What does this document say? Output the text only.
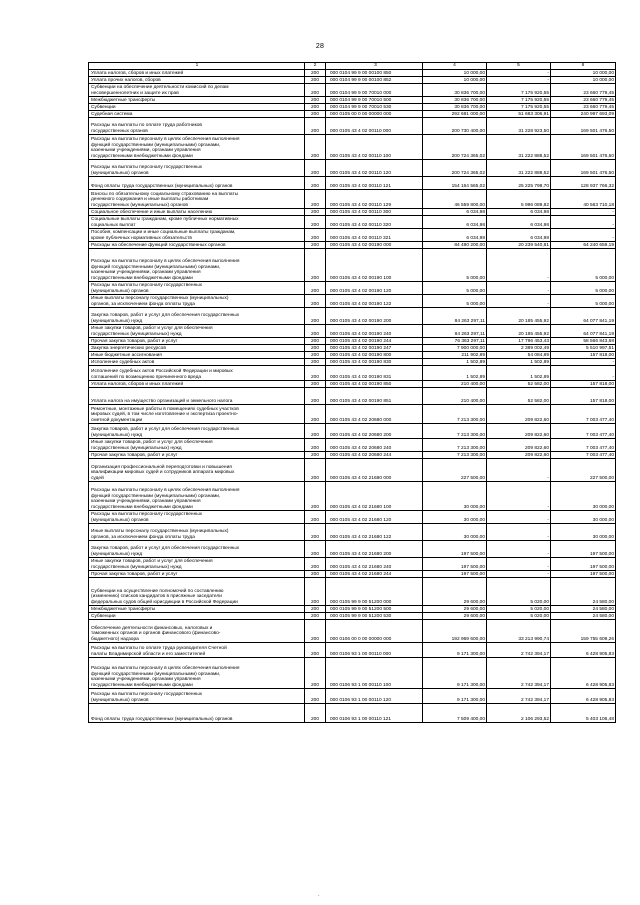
28
1	2	3	4	5	6
Уплата налогов, сборов и иных платежей	200	000 0104 99 9 00 00100 850	10 000,00	-	10 000,00
Уплата прочих налогов, сборов	200	000 0104 99 9 00 00100 852	10 000,00	-	10 000,00
Субвенции на обеспечение деятельности комиссий по делам
несовершеннолетних и защите их прав	200	000 0104 99 9 00 70010 000	30 836 700,00	7 175 920,55	23 660 779,45
Межбюджетные трансферты	200	000 0104 99 9 00 70010 500	30 836 700,00	7 175 920,55	23 660 779,45
Субвенции	200	000 0104 99 9 00 70010 530	30 836 700,00	7 175 920,55	23 660 779,45
Судебная система	200	000 0105 00 0 00 00000 000	292 681 000,00	51 683 306,91	240 997 693,09
Расходы на выплаты по оплате труда работников
государственных органов	200	000 0105 43 4 02 00110 000	200 730 400,00	31 228 923,50	169 501 476,50
Расходы на выплаты персоналу в целях обеспечения выполнения
функций государственными (муниципальными) органами,
казенными учреждениями, органами управления
государственными внебюджетными фондами	200	000 0105 43 4 02 00110 100	200 724 365,02	31 222 888,52	169 501 476,50
Расходы на выплаты персоналу государственных
(муниципальных) органов	200	000 0105 43 4 02 00110 120	200 724 365,02	31 222 888,52	169 501 476,50
Фонд оплаты труда государственных (муниципальных) органов	200	000 0105 43 4 02 00110 121	154 164 565,02	25 225 798,70	128 937 766,32
Взносы по обязательному социальному страхованию на выплаты
денежного содержания и иные выплаты работникам
государственных (муниципальных) органов	200	000 0105 43 4 02 00110 129	46 559 800,00	5 996 089,82	40 563 710,18
Социальное обеспечение и иные выплаты населению	200	000 0105 43 4 02 00110 300	6 034,98	6 034,98	-
Социальные выплаты гражданам, кроме публичных нормативных
социальных выплат	200	000 0105 43 4 02 00110 320	6 034,98	6 034,98	-
Пособия, компенсации и иные социальные выплаты гражданам,
кроме публичных нормативных обязательств	200	000 0105 43 4 02 00110 321	6 034,98	6 034,98	-
Расходы на обеспечение функций государственных органов	200	000 0105 43 4 02 00190 000	84 480 200,00	20 239 540,81	64 240 659,19
Расходы на выплаты персоналу в целях обеспечения выполнения
функций государственными (муниципальными) органами,
казенными учреждениями, органами управления
государственными внебюджетными фондами	200	000 0105 43 4 02 00190 100	5 000,00	-	5 000,00
Расходы на выплаты персоналу государственных
(муниципальных) органов	200	000 0105 43 4 02 00190 120	5 000,00	-	5 000,00
Иные выплаты персоналу государственных (муниципальных)
органов, за исключением фонда оплаты труда	200	000 0105 43 4 02 00190 122	5 000,00	-	5 000,00
Закупка товаров, работ и услуг для обеспечения государственных
(муниципальных) нужд	200	000 0105 43 4 02 00190 200	84 263 297,11	20 185 455,92	64 077 841,19
Иные закупки товаров, работ и услуг для обеспечения
государственных (муниципальных) нужд	200	000 0105 43 4 02 00190 240	84 263 297,11	20 185 455,92	64 077 841,19
Прочая закупка товаров, работ и услуг	200	000 0105 43 4 02 00190 244	76 363 297,11	17 796 453,43	58 566 843,68
Закупка энергетических ресурсов	200	000 0105 43 4 02 00190 247	7 900 000,00	2 389 002,49	5 510 997,51
Иные бюджетные ассигнования	200	000 0105 43 4 02 00190 800	211 902,89	54 084,89	157 818,00
Исполнение судебных актов	200	000 0105 43 4 02 00190 830	1 502,89	1 502,89	-
Исполнение судебных актов Российской Федерации и мировых
соглашений по возмещению причиненного вреда	200	000 0105 43 4 02 00190 831	1 502,89	1 502,89	-
Уплата налогов, сборов и иных платежей	200	000 0105 43 4 02 00190 850	210 400,00	52 582,00	157 818,00
Уплата налога на имущество организаций и земельного налога	200	000 0105 43 4 02 00190 851	210 400,00	52 582,00	157 818,00
Ремонтные, монтажные работы в помещениях судебных участков
мировых судей, в том числе изготовление и экспертиза проектно-
сметной документации	200	000 0105 43 4 02 20680 000	7 213 300,00	209 822,60	7 003 477,40
Закупка товаров, работ и услуг для обеспечения государственных
(муниципальных) нужд	200	000 0105 43 4 02 20680 200	7 213 300,00	209 822,60	7 003 477,40
Иные закупки товаров, работ и услуг для обеспечения
государственных (муниципальных) нужд	200	000 0105 43 4 02 20680 240	7 213 300,00	209 822,60	7 003 477,40
Прочая закупка товаров, работ и услуг	200	000 0105 43 4 02 20680 244	7 213 300,00	209 822,60	7 003 477,40
Организация профессиональной переподготовки и повышения
квалификации мировых судей и сотрудников аппарата мировых
судей	200	000 0105 43 4 02 21680 000	227 500,00	-	227 500,00
Расходы на выплаты персоналу в целях обеспечения выполнения
функций государственными (муниципальными) органами,
казенными учреждениями, органами управления
государственными внебюджетными фондами	200	000 0105 43 4 02 21680 100	30 000,00	-	30 000,00
Расходы на выплаты персоналу государственных
(муниципальных) органов	200	000 0105 43 4 02 21680 120	30 000,00	-	30 000,00
Иные выплаты персоналу государственных (муниципальных)
органов, за исключением фонда оплаты труда	200	000 0105 43 4 02 21680 122	30 000,00	-	30 000,00
Закупка товаров, работ и услуг для обеспечения государственных
(муниципальных) нужд	200	000 0105 43 4 02 21680 200	197 500,00	-	197 500,00
Иные закупки товаров, работ и услуг для обеспечения
государственных (муниципальных) нужд	200	000 0105 43 4 02 21680 240	197 500,00	-	197 500,00
Прочая закупка товаров, работ и услуг	200	000 0105 43 4 02 21680 244	197 500,00	-	197 500,00
Субвенции на осуществление полномочий по составлению
(изменению) списков кандидатов в присяжные заседатели
федеральных судов общей юрисдикции в Российской Федерации	200	000 0105 99 9 00 51200 000	29 600,00	5 020,00	24 580,00
Межбюджетные трансферты	200	000 0105 99 9 00 51200 500	29 600,00	5 020,00	24 580,00
Субвенции	200	000 0105 99 9 00 51200 530	29 600,00	5 020,00	24 580,00
Обеспечение деятельности финансовых, налоговых и
таможенных органов и органов финансового (финансово-
бюджетного) надзора	200	000 0106 00 0 00 00000 000	192 969 600,00	33 213 990,74	159 755 609,26
Расходы на выплаты по оплате труда руководителя Счетной
палаты Владимирской области и его заместителей	200	000 0106 93 1 00 00110 000	9 171 300,00	2 742 394,17	6 428 905,83
Расходы на выплаты персоналу в целях обеспечения выполнения
функций государственными (муниципальными) органами,
казенными учреждениями, органами управления
государственными внебюджетными фондами	200	000 0106 93 1 00 00110 100	9 171 300,00	2 742 394,17	6 428 905,83
Расходы на выплаты персоналу государственных
(муниципальных) органов	200	000 0106 93 1 00 00110 120	9 171 300,00	2 742 394,17	6 428 905,83
Фонд оплаты труда государственных (муниципальных) органов	200	000 0106 93 1 00 00110 121	7 509 400,00	2 106 293,52	5 403 106,48
·
